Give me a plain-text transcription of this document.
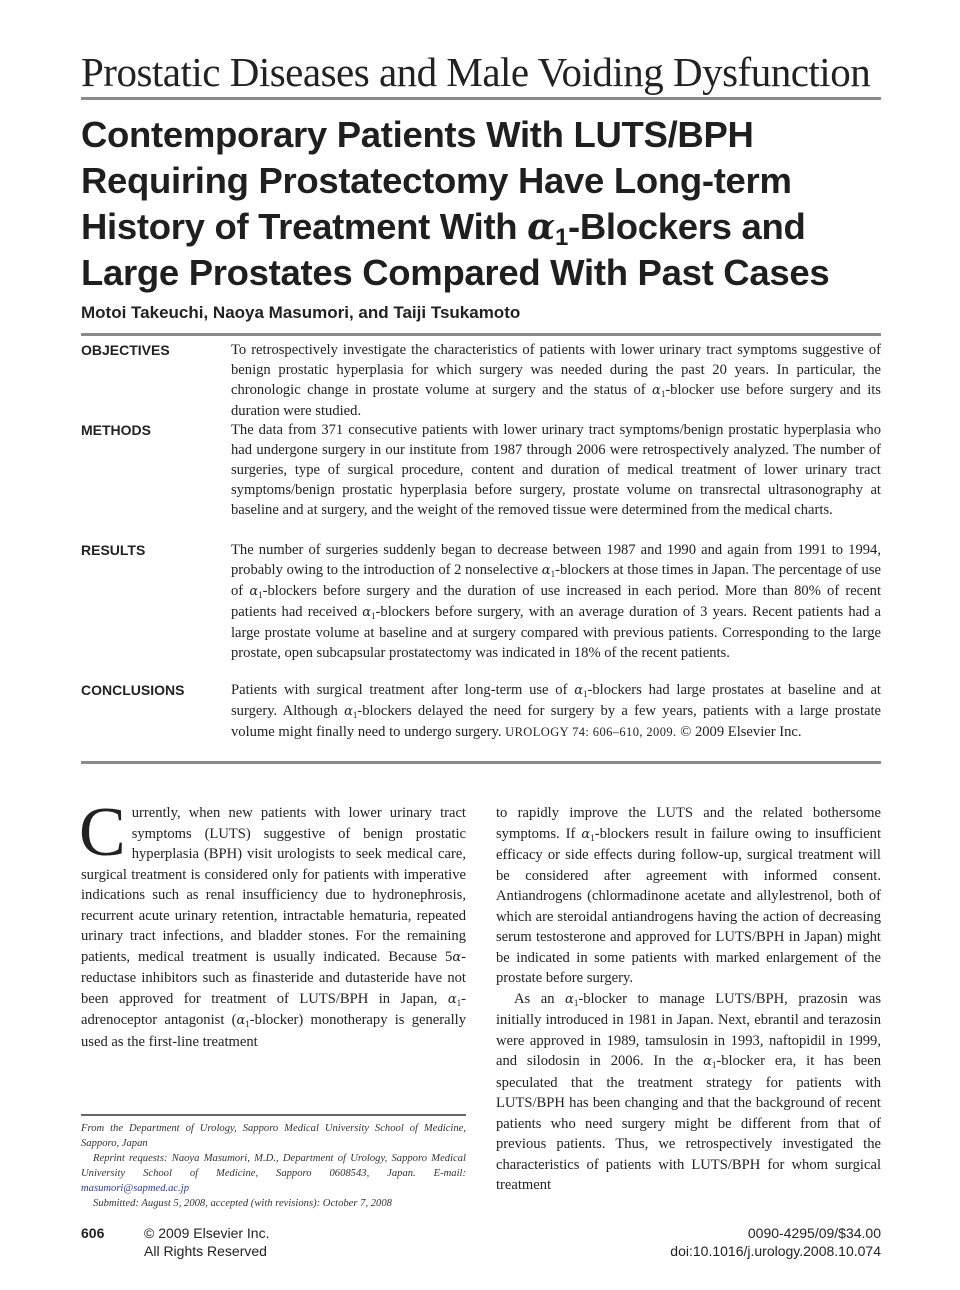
Prostatic Diseases and Male Voiding Dysfunction
Contemporary Patients With LUTS/BPH
Requiring Prostatectomy Have Long-term
History of Treatment With $\alpha_1$-Blockers and
Large Prostates Compared With Past Cases
Motoi Takeuchi, Naoya Masumori, and Taiji Tsukamoto
OBJECTIVES	To retrospectively investigate the characteristics of patients with lower urinary tract symptoms suggestive of benign prostatic hyperplasia for which surgery was needed during the past 20 years. In particular, the chronologic change in prostate volume at surgery and the status of $\alpha_1$-blocker use before surgery and its duration were studied.
METHODS	The data from 371 consecutive patients with lower urinary tract symptoms/benign prostatic hyperplasia who had undergone surgery in our institute from 1987 through 2006 were retrospectively analyzed. The number of surgeries, type of surgical procedure, content and duration of medical treatment of lower urinary tract symptoms/benign prostatic hyperplasia before surgery, prostate volume on transrectal ultrasonography at baseline and at surgery, and the weight of the removed tissue were determined from the medical charts.
RESULTS	The number of surgeries suddenly began to decrease between 1987 and 1990 and again from 1991 to 1994, probably owing to the introduction of 2 nonselective $\alpha_1$-blockers at those times in Japan. The percentage of use of $\alpha_1$-blockers before surgery and the duration of use increased in each period. More than 80% of recent patients had received $\alpha_1$-blockers before surgery, with an average duration of 3 years. Recent patients had a large prostate volume at baseline and at surgery compared with previous patients. Corresponding to the large prostate, open subcapsular prostatectomy was indicated in 18% of the recent patients.
CONCLUSIONS	Patients with surgical treatment after long-term use of $\alpha_1$-blockers had large prostates at baseline and at surgery. Although $\alpha_1$-blockers delayed the need for surgery by a few years, patients with a large prostate volume might finally need to undergo surgery. UROLOGY 74: 606–610, 2009. © 2009 Elsevier Inc.

Currently, when new patients with lower urinary tract symptoms (LUTS) suggestive of benign prostatic hyperplasia (BPH) visit urologists to seek medical care, surgical treatment is considered only for patients with imperative indications such as renal insufficiency due to hydronephrosis, recurrent acute urinary retention, intractable hematuria, repeated urinary tract infections, and bladder stones. For the remaining patients, medical treatment is usually indicated. Because 5α-reductase inhibitors such as finasteride and dutasteride have not been approved for treatment of LUTS/BPH in Japan, $\alpha_1$-adrenoceptor antagonist $(\alpha_1-blocker)$ monotherapy is generally used as the first-line treatment

to rapidly improve the LUTS and the related bothersome symptoms. If $\alpha_1$-blockers result in failure owing to insufficient efficacy or side effects during follow-up, surgical treatment will be considered after agreement with informed consent. Antiandrogens (chlormadinone acetate and allylestrenol, both of which are steroidal antiandrogens having the action of decreasing serum testosterone and approved for LUTS/BPH in Japan) might be indicated in some patients with marked enlargement of the prostate before surgery.

As an $\alpha_1$-blocker to manage LUTS/BPH, prazosin was initially introduced in 1981 in Japan. Next, ebrantil and terazosin were approved in 1989, tamsulosin in 1993, naftopidil in 1999, and silodosin in 2006. In the $\alpha_1$-blocker era, it has been speculated that the treatment strategy for patients with LUTS/BPH has been changing and that the background of recent patients who need surgery might be different from that of previous patients. Thus, we retrospectively investigated the characteristics of patients with LUTS/BPH for whom surgical treatment

From the Department of Urology, Sapporo Medical University School of Medicine, Sapporo, Japan

Reprint requests: Naoya Masumori, M.D., Department of Urology, Sapporo Medical University School of Medicine, Sapporo 0608543, Japan. E-mail: masumori@sapmed.ac.jp

Submitted: August 5, 2008, accepted (with revisions): October 7, 2008

606	© 2009 Elsevier Inc.
All Rights Reserved
0090-4295/09/$34.00
doi:10.1016/j.urology.2008.10.074
